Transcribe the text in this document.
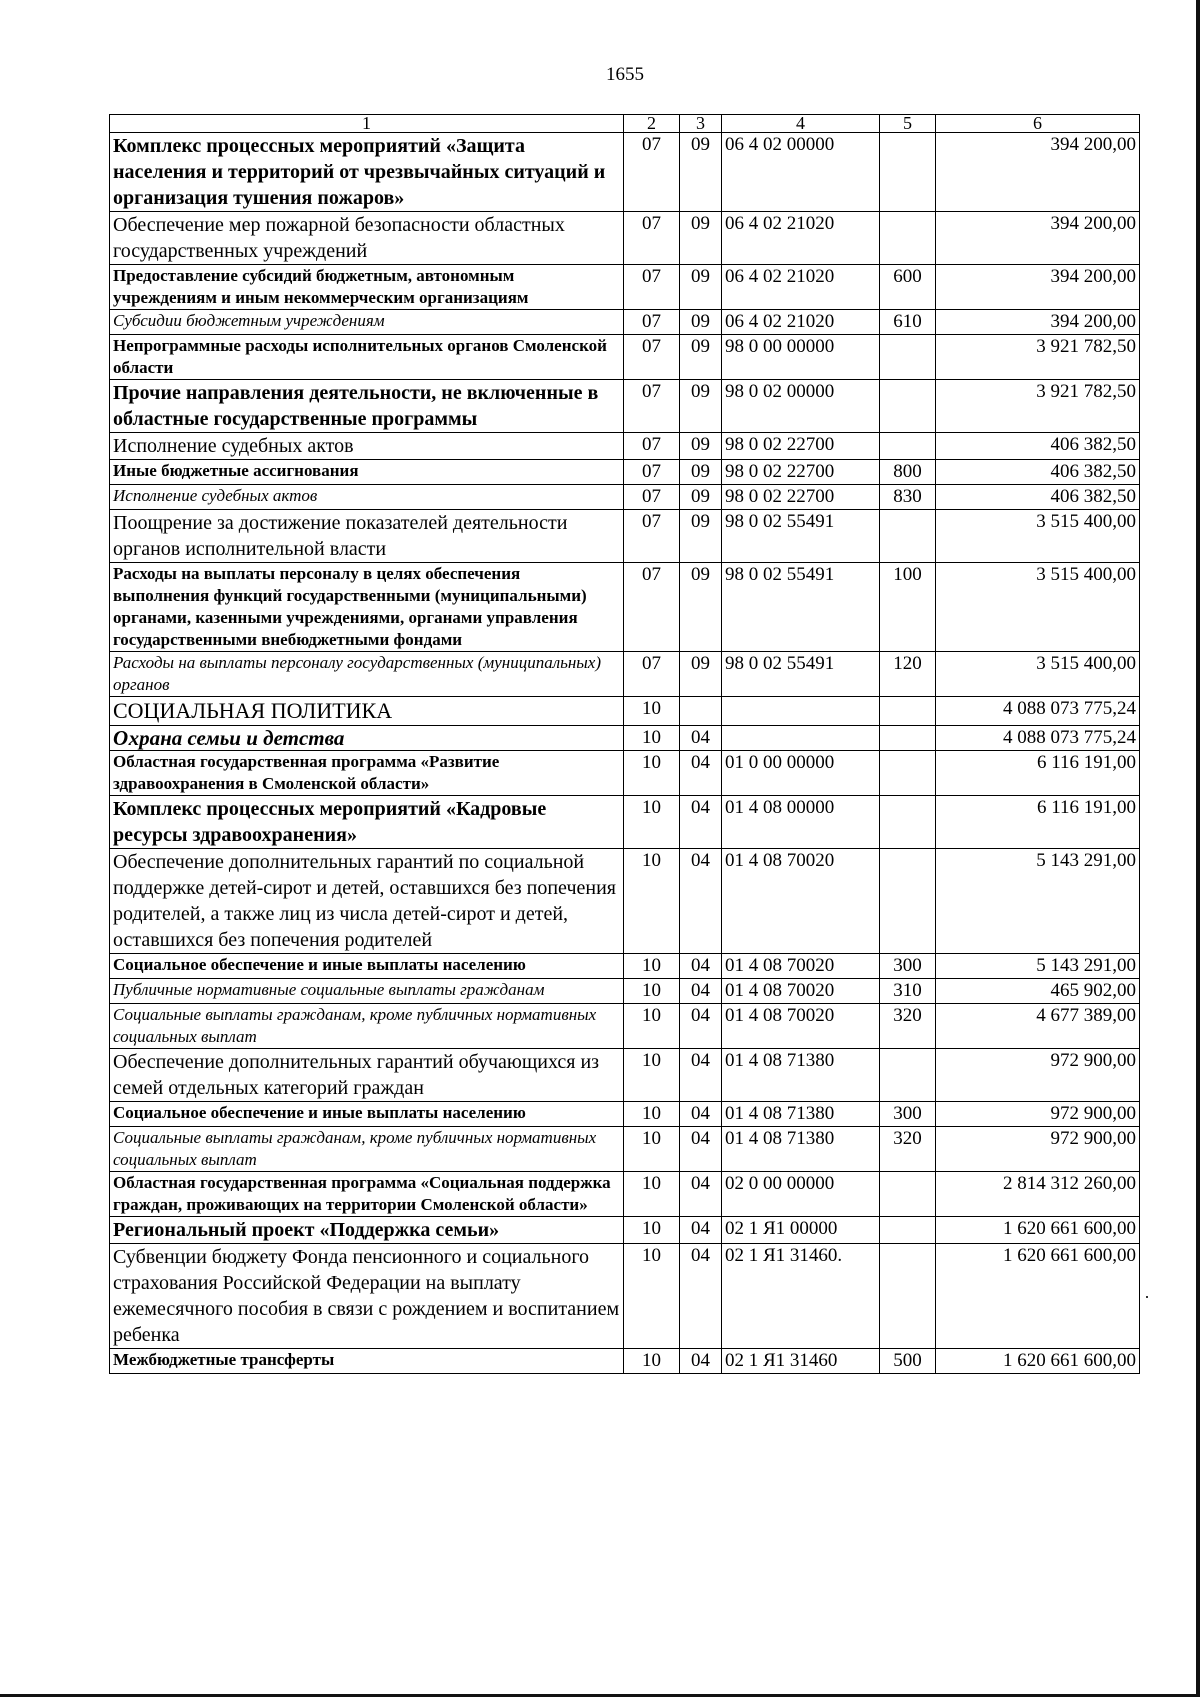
1655
1	2	3	4	5	6
Комплекс процессных мероприятий «Защита населения и территорий от чрезвычайных ситуаций и организация тушения пожаров»	07	09	06 4 02 00000		394 200,00
Обеспечение мер пожарной безопасности областных государственных учреждений	07	09	06 4 02 21020		394 200,00
Предоставление субсидий бюджетным, автономным учреждениям и иным некоммерческим организациям	07	09	06 4 02 21020	600	394 200,00
Субсидии бюджетным учреждениям	07	09	06 4 02 21020	610	394 200,00
Непрограммные расходы исполнительных органов Смоленской области	07	09	98 0 00 00000		3 921 782,50
Прочие направления деятельности, не включенные в областные государственные программы	07	09	98 0 02 00000		3 921 782,50
Исполнение судебных актов	07	09	98 0 02 22700		406 382,50
Иные бюджетные ассигнования	07	09	98 0 02 22700	800	406 382,50
Исполнение судебных актов	07	09	98 0 02 22700	830	406 382,50
Поощрение за достижение показателей деятельности органов исполнительной власти	07	09	98 0 02 55491		3 515 400,00
Расходы на выплаты персоналу в целях обеспечения выполнения функций государственными (муниципальными) органами, казенными учреждениями, органами управления государственными внебюджетными фондами	07	09	98 0 02 55491	100	3 515 400,00
Расходы на выплаты персоналу государственных (муниципальных) органов	07	09	98 0 02 55491	120	3 515 400,00
СОЦИАЛЬНАЯ ПОЛИТИКА	10				4 088 073 775,24
Охрана семьи и детства	10	04			4 088 073 775,24
Областная государственная программа «Развитие здравоохранения в Смоленской области»	10	04	01 0 00 00000		6 116 191,00
Комплекс процессных мероприятий «Кадровые ресурсы здравоохранения»	10	04	01 4 08 00000		6 116 191,00
Обеспечение дополнительных гарантий по социальной поддержке детей-сирот и детей, оставшихся без попечения родителей, а также лиц из числа детей-сирот и детей, оставшихся без попечения родителей	10	04	01 4 08 70020		5 143 291,00
Социальное обеспечение и иные выплаты населению	10	04	01 4 08 70020	300	5 143 291,00
Публичные нормативные социальные выплаты гражданам	10	04	01 4 08 70020	310	465 902,00
Социальные выплаты гражданам, кроме публичных нормативных социальных выплат	10	04	01 4 08 70020	320	4 677 389,00
Обеспечение дополнительных гарантий обучающихся из семей отдельных категорий граждан	10	04	01 4 08 71380		972 900,00
Социальное обеспечение и иные выплаты населению	10	04	01 4 08 71380	300	972 900,00
Социальные выплаты гражданам, кроме публичных нормативных социальных выплат	10	04	01 4 08 71380	320	972 900,00
Областная государственная программа «Социальная поддержка граждан, проживающих на территории Смоленской области»	10	04	02 0 00 00000		2 814 312 260,00
Региональный проект «Поддержка семьи»	10	04	02 1 Я1 00000		1 620 661 600,00
Субвенции бюджету Фонда пенсионного и социального страхования Российской Федерации на выплату ежемесячного пособия в связи с рождением и воспитанием ребенка	10	04	02 1 Я1 31460.		1 620 661 600,00
Межбюджетные трансферты	10	04	02 1 Я1 31460	500	1 620 661 600,00
